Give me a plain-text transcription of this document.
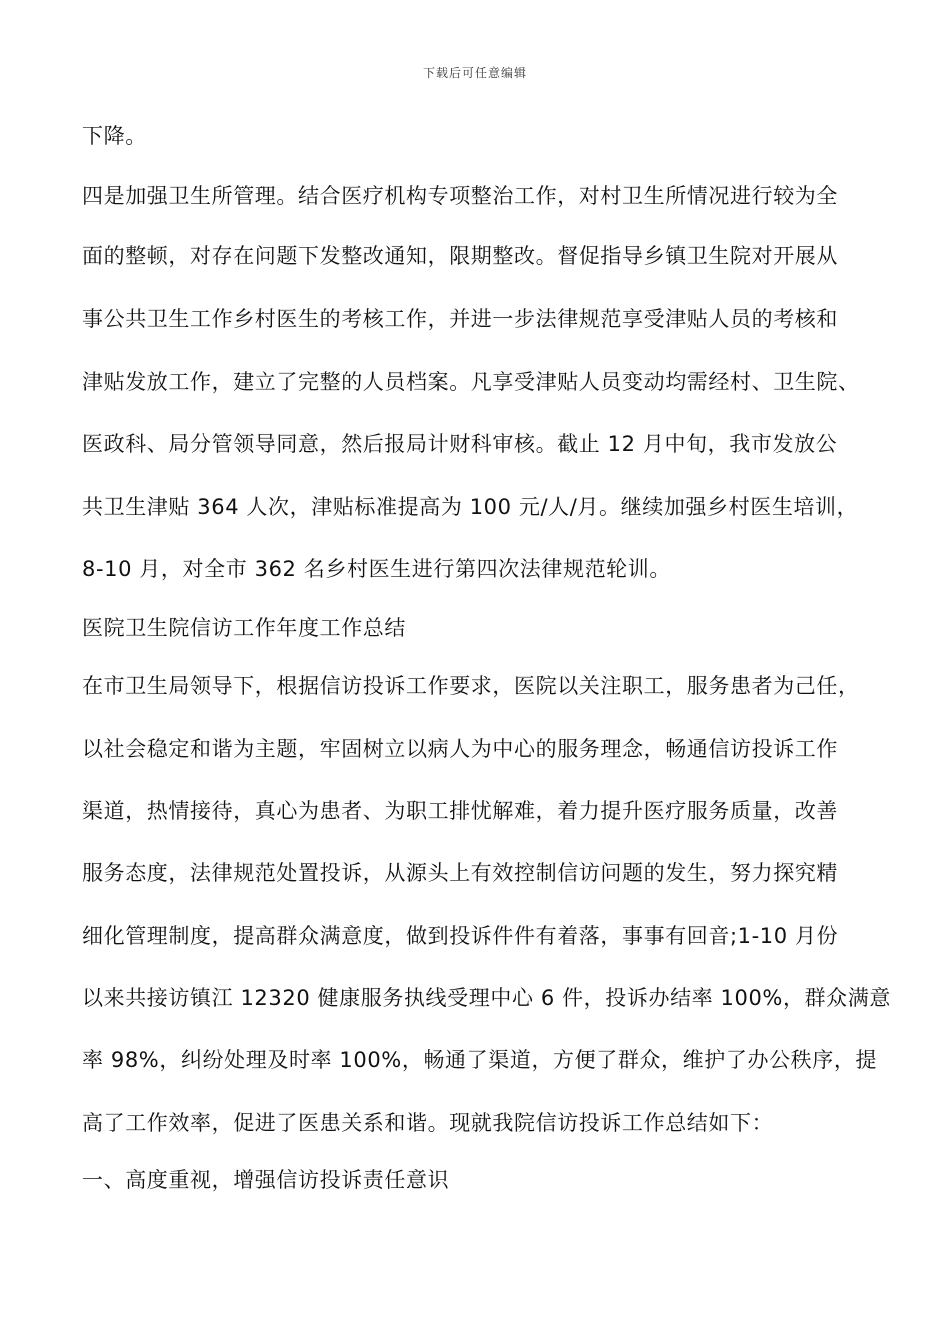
下载后可任意编辑
下降。
四是加强卫生所管理。结合医疗机构专项整治工作，对村卫生所情况进行较为全
面的整顿，对存在问题下发整改通知，限期整改。督促指导乡镇卫生院对开展从
事公共卫生工作乡村医生的考核工作，并进一步法律规范享受津贴人员的考核和
津贴发放工作，建立了完整的人员档案。凡享受津贴人员变动均需经村、卫生院、
医政科、局分管领导同意，然后报局计财科审核。截止 12 月中旬，我市发放公
共卫生津贴 364 人次，津贴标准提高为 100 元/人/月。继续加强乡村医生培训，
8-10 月，对全市 362 名乡村医生进行第四次法律规范轮训。
医院卫生院信访工作年度工作总结
在市卫生局领导下，根据信访投诉工作要求，医院以关注职工，服务患者为己任，
以社会稳定和谐为主题，牢固树立以病人为中心的服务理念，畅通信访投诉工作
渠道，热情接待，真心为患者、为职工排忧解难，着力提升医疗服务质量，改善
服务态度，法律规范处置投诉，从源头上有效控制信访问题的发生，努力探究精
细化管理制度，提高群众满意度，做到投诉件件有着落，事事有回音;1-10 月份
以来共接访镇江 12320 健康服务执线受理中心 6 件，投诉办结率 100%，群众满意
率 98%，纠纷处理及时率 100%，畅通了渠道，方便了群众，维护了办公秩序，提
高了工作效率，促进了医患关系和谐。现就我院信访投诉工作总结如下：
一、高度重视，增强信访投诉责任意识
